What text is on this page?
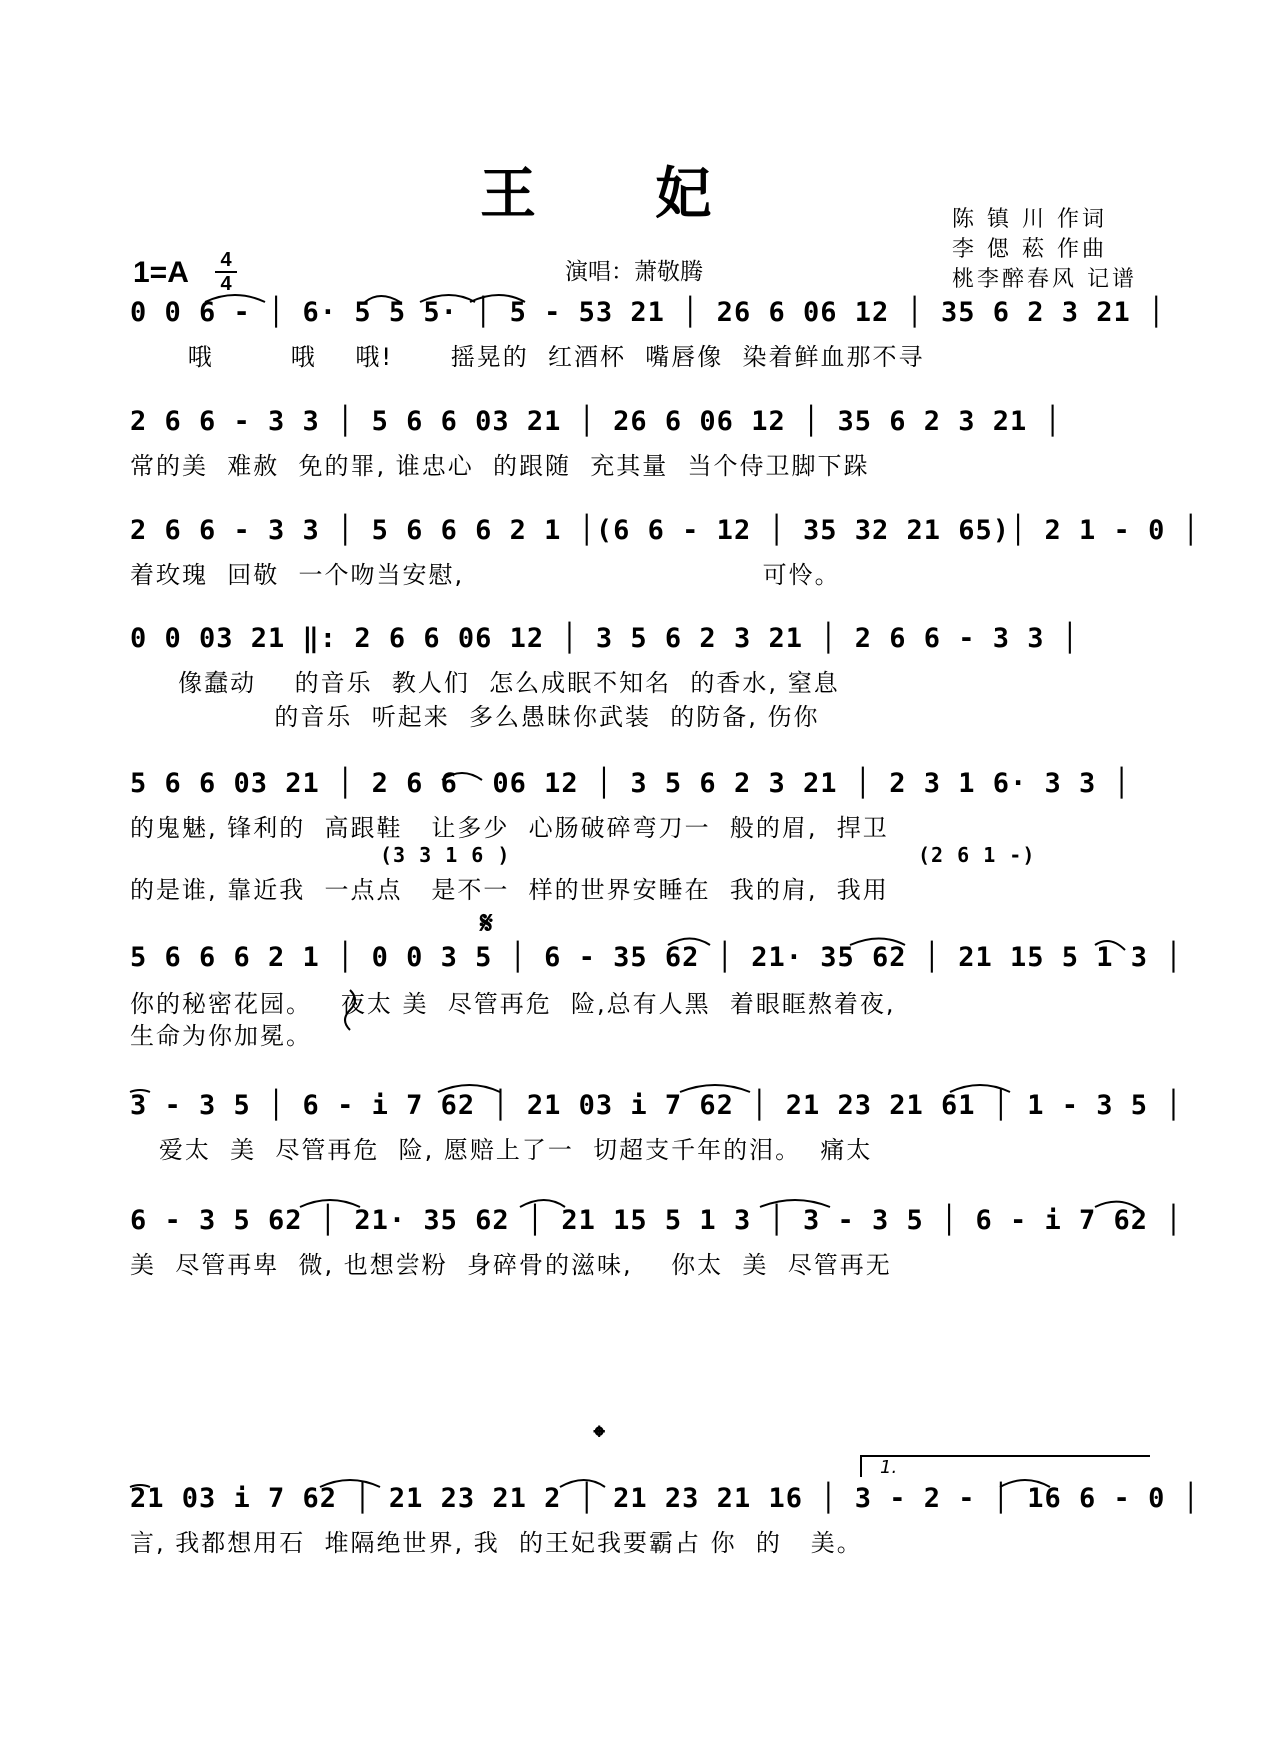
王 妃
1=A 4
4	演唱：萧敬腾
陈 镇 川 作词
李 偲 菘 作曲
桃李醉春风 记谱
0 0 6 - │ 6· 5 5 5· │ 5 - 53 21 │ 26 6 06 12 │ 35 6 2 3 21 │
哦        哦    哦!      摇晃的  红酒杯  嘴唇像  染着鲜血那不寻
2 6 6 - 3 3 │ 5 6 6 03 21 │ 26 6 06 12 │ 35 6 2 3 21 │
常的美  难赦  免的罪, 谁忠心  的跟随  充其量  当个侍卫脚下跺
2 6 6 - 3 3 │ 5 6 6 6 2 1 │(6 6 - 12 │ 35 32 21 65)│ 2 1 - 0 │
着玫瑰  回敬  一个吻当安慰,                               可怜。
0 0 03 21 ‖: 2 6 6 06 12 │ 3 5 6 2 3 21 │ 2 6 6 - 3 3 │
像蠢动    的音乐  教人们  怎么成眠不知名  的香水, 窒息
的音乐  听起来  多么愚昧你武装  的防备, 伤你
5 6 6 03 21 │ 2 6 6  06 12 │ 3 5 6 2 3 21 │ 2 3 1 6· 3 3 │
的鬼魅, 锋利的  高跟鞋   让多少  心肠破碎弯刀一  般的眉,  捍卫
(3 3 1 6 )	(2 6 1 -)
的是谁, 靠近我  一点点   是不一  样的世界安睡在  我的肩,  我用
𝄋
5 6 6 6 2 1 │ 0 0 3 5 │ 6 - 35 62 │ 21· 35 62 │ 21 15 5 1 3 │
你的秘密花园。   夜太 美  尽管再危  险,总有人黑  着眼眶熬着夜,
生命为你加冕。
3 - 3 5 │ 6 - i 7 62 │ 21 03 i 7 62 │ 21 23 21 61 │ 1 - 3 5 │
爱太  美  尽管再危  险, 愿赔上了一  切超支千年的泪。  痛太
6 - 3 5 62 │ 21· 35 62 │ 21 15 5 1 3 │ 3 - 3 5 │ 6 - i 7 62 │
美  尽管再卑  微, 也想尝粉  身碎骨的滋味,    你太  美  尽管再无
𝄌
1.
21 03 i 7 62 │ 21 23 21 2 │ 21 23 21 16 │ 3 - 2 - │ 16 6 - 0 │
言, 我都想用石  堆隔绝世界, 我  的王妃我要霸占 你  的   美。
